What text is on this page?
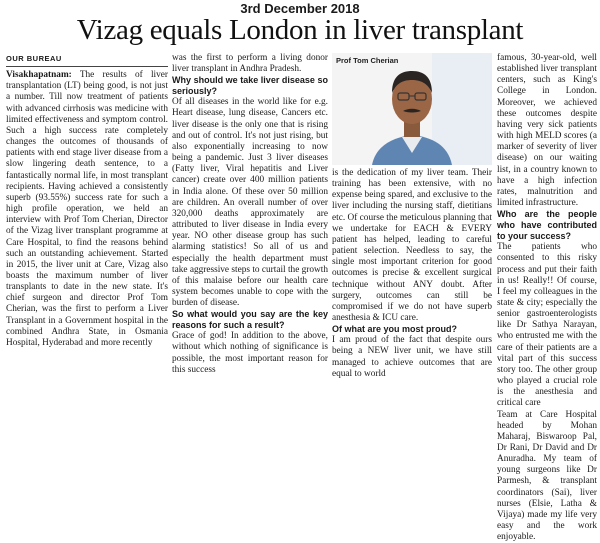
3rd December 2018
Vizag equals London in liver transplant
OUR BUREAU

Visakhapatnam: The results of liver transplantation (LT) being good, is not just a number. Till now treatment of patients with advanced cirrhosis was medicine with limited effectiveness and symptom control. Such a high success rate completely changes the outcomes of thousands of patients with end stage liver disease from a slow lingering death sentence, to a fantastically normal life, in most transplant recipients. Having achieved a consistently superb (93.55%) success rate for such a high profile operation, we held an interview with Prof Tom Cherian, Director of the Vizag liver transplant programme at Care Hospital, to find the reasons behind such an outstanding achievement. Started in 2015, the liver unit at Care, Vizag also boasts the maximum number of liver transplants to date in the new state. It's chief surgeon and director Prof Tom Cherian, was the first to perform a Liver Transplant in a Government hospital in the combined Andhra State, in Osmania Hospital, Hyderabad and more recently

was the first to perform a living donor liver transplant in Andhra Pradesh.

Why should we take liver disease so seriously?

Of all diseases in the world like for e.g. Heart disease, lung disease, Cancers etc. liver disease is the only one that is rising and out of control. It's not just rising, but also exponentially increasing to now being a pandemic. Just 3 liver diseases (Fatty liver, Viral hepatitis and Liver cancer) create over 400 million patients in India alone. Of these over 50 million are children. An overall number of over 320,000 deaths approximately are attributed to liver disease in India every year. NO other disease group has such alarming statistics! So all of us and especially the health department must take aggressive steps to curtail the growth of this malaise before our health care system becomes unable to cope with the burden of disease.

So what would you say are the key reasons for such a result?

Grace of god! In addition to the above, without which nothing of significance is possible, the most important reason for this success

Prof Tom Cherian

is the dedication of my liver team. Their training has been extensive, with no expense being spared, and exclusive to the liver including the nursing staff, dietitians etc. Of course the meticulous planning that we undertake for EACH & EVERY patient has helped, leading to careful patient selection. Needless to say, the single most important criterion for good outcomes is precise & excellent surgical technique without ANY doubt. After surgery, outcomes can still be compromised if we do not have superb anesthesia & ICU care.

Of what are you most proud?

I am proud of the fact that despite ours being a NEW liver unit, we have still managed to achieve outcomes that are equal to world

famous, 30-year-old, well established liver transplant centers, such as King's College in London. Moreover, we achieved these outcomes despite having very sick patients with high MELD scores (a marker of severity of liver disease) on our waiting list, in a country known to have a high infection rates, malnutrition and limited infrastructure.

Who are the people who have contributed to your success?

The patients who consented to this risky process and put their faith in us! Really!! Of course, I feel my colleagues in the state & city; especially the senior gastroenterologists like Dr Sathya Narayan, who entrusted me with the care of their patients are a vital part of this success story too. The other group who played a crucial role is the anesthesia and critical care

Team at Care Hospital headed by Mohan Maharaj, Biswaroop Pal, Dr Rani, Dr David and Dr Anuradha. My team of young surgeons like Dr Parmesh, & transplant coordinators (Sai), liver nurses (Elsie, Latha & Vijaya) made my life very easy and the work enjoyable.
